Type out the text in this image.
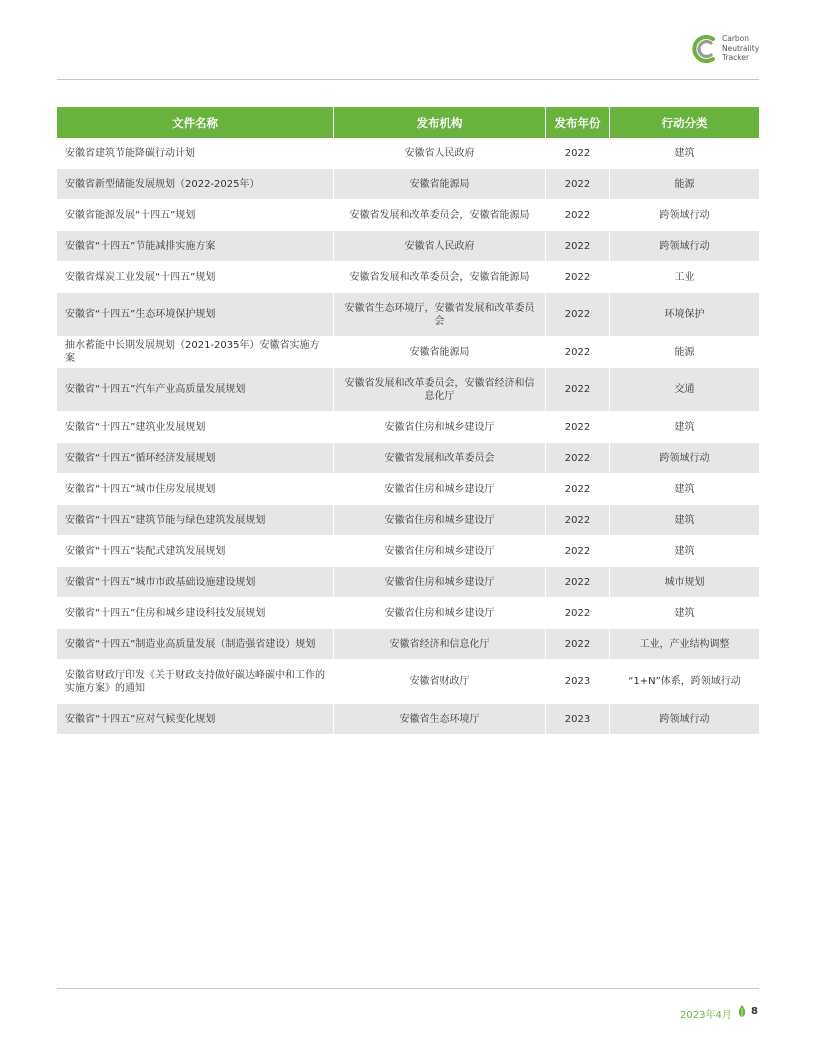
Carbon
Neutrality
Tracker
文件名称	发布机构	发布年份	行动分类
安徽省建筑节能降碳行动计划	安徽省人民政府	2022	建筑
安徽省新型储能发展规划（2022-2025年）	安徽省能源局	2022	能源
安徽省能源发展“十四五”规划	安徽省发展和改革委员会，安徽省能源局	2022	跨领域行动
安徽省“十四五”节能减排实施方案	安徽省人民政府	2022	跨领域行动
安徽省煤炭工业发展“十四五”规划	安徽省发展和改革委员会，安徽省能源局	2022	工业
安徽省“十四五”生态环境保护规划	安徽省生态环境厅，安徽省发展和改革委员会	2022	环境保护
抽水蓄能中长期发展规划（2021-2035年）安徽省实施方案	安徽省能源局	2022	能源
安徽省“十四五”汽车产业高质量发展规划	安徽省发展和改革委员会，安徽省经济和信息化厅	2022	交通
安徽省“十四五”建筑业发展规划	安徽省住房和城乡建设厅	2022	建筑
安徽省“十四五”循环经济发展规划	安徽省发展和改革委员会	2022	跨领域行动
安徽省“十四五”城市住房发展规划	安徽省住房和城乡建设厅	2022	建筑
安徽省“十四五”建筑节能与绿色建筑发展规划	安徽省住房和城乡建设厅	2022	建筑
安徽省“十四五”装配式建筑发展规划	安徽省住房和城乡建设厅	2022	建筑
安徽省“十四五”城市市政基础设施建设规划	安徽省住房和城乡建设厅	2022	城市规划
安徽省“十四五”住房和城乡建设科技发展规划	安徽省住房和城乡建设厅	2022	建筑
安徽省“十四五”制造业高质量发展（制造强省建设）规划	安徽省经济和信息化厅	2022	工业，产业结构调整
安徽省财政厅印发《关于财政支持做好碳达峰碳中和工作的实施方案》的通知	安徽省财政厅	2023	“1+N”体系，跨领域行动
安徽省“十四五”应对气候变化规划	安徽省生态环境厅	2023	跨领域行动
2023年4月 8
